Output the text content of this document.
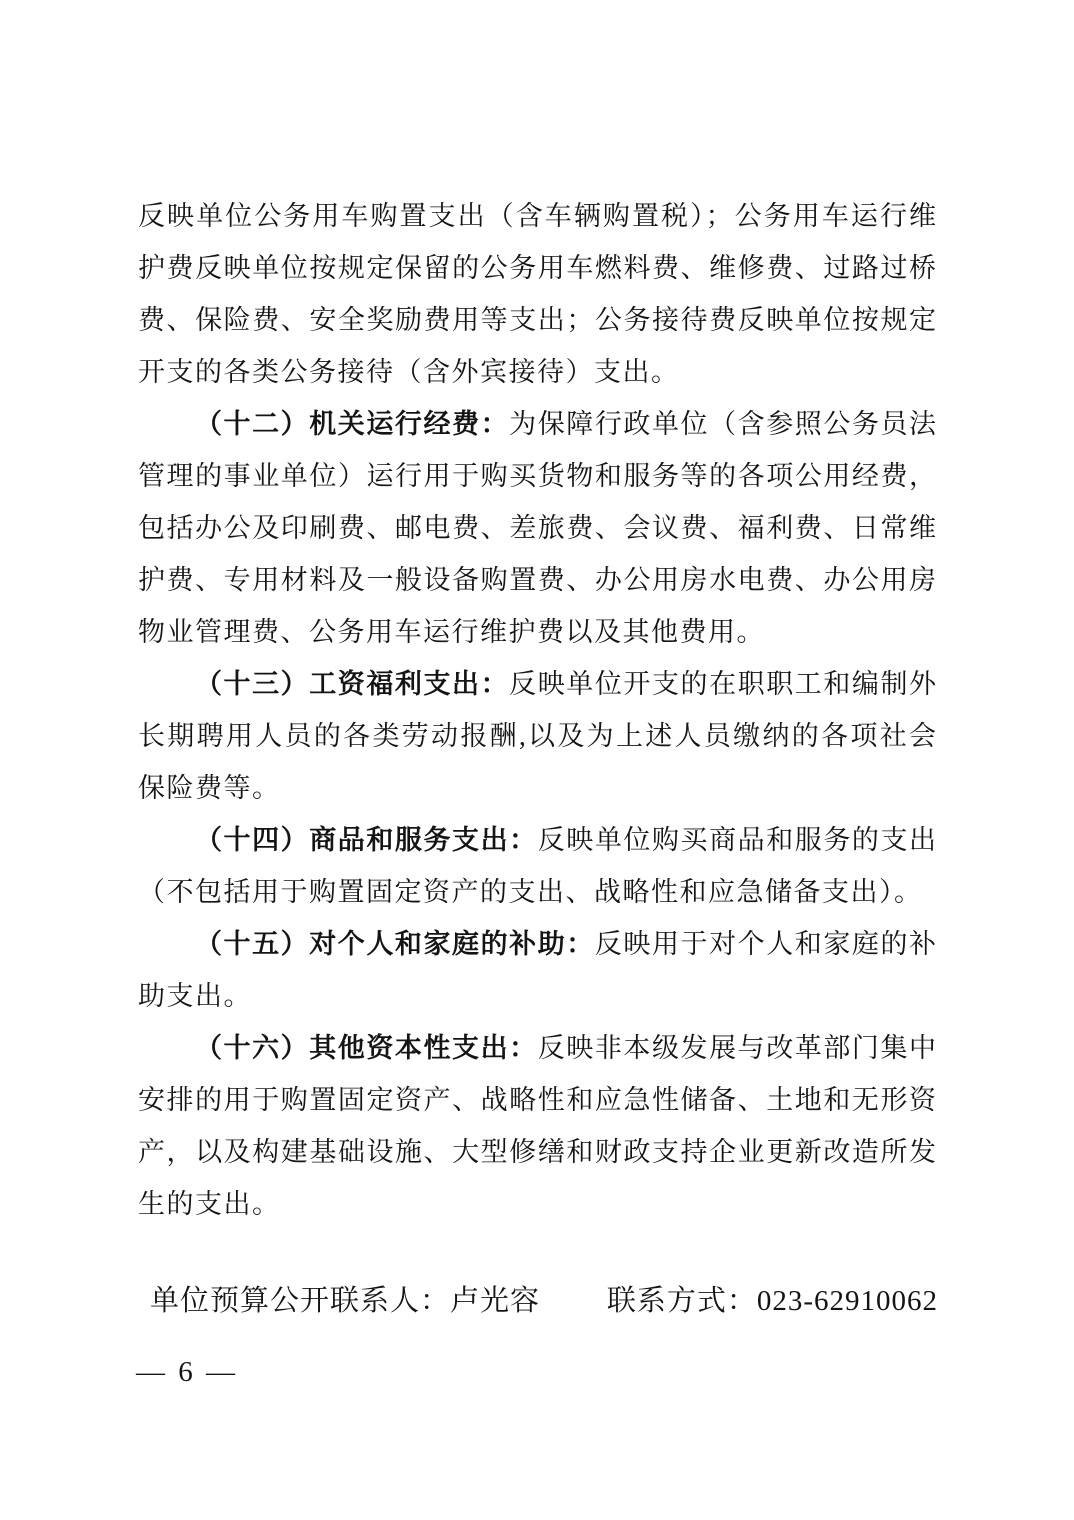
反映单位公务用车购置支出（含车辆购置税）；公务用车运行维
护费反映单位按规定保留的公务用车燃料费、维修费、过路过桥
费、保险费、安全奖励费用等支出；公务接待费反映单位按规定
开支的各类公务接待（含外宾接待）支出。
（十二）机关运行经费：为保障行政单位（含参照公务员法
管理的事业单位）运行用于购买货物和服务等的各项公用经费，
包括办公及印刷费、邮电费、差旅费、会议费、福利费、日常维
护费、专用材料及一般设备购置费、办公用房水电费、办公用房
物业管理费、公务用车运行维护费以及其他费用。
（十三）工资福利支出：反映单位开支的在职职工和编制外
长期聘用人员的各类劳动报酬,以及为上述人员缴纳的各项社会
保险费等。
（十四）商品和服务支出：反映单位购买商品和服务的支出
（不包括用于购置固定资产的支出、战略性和应急储备支出）。
（十五）对个人和家庭的补助：反映用于对个人和家庭的补
助支出。
（十六）其他资本性支出：反映非本级发展与改革部门集中
安排的用于购置固定资产、战略性和应急性储备、土地和无形资
产，以及构建基础设施、大型修缮和财政支持企业更新改造所发
生的支出。
单位预算公开联系人：卢光容 联系方式：023-62910062
— 6 —
